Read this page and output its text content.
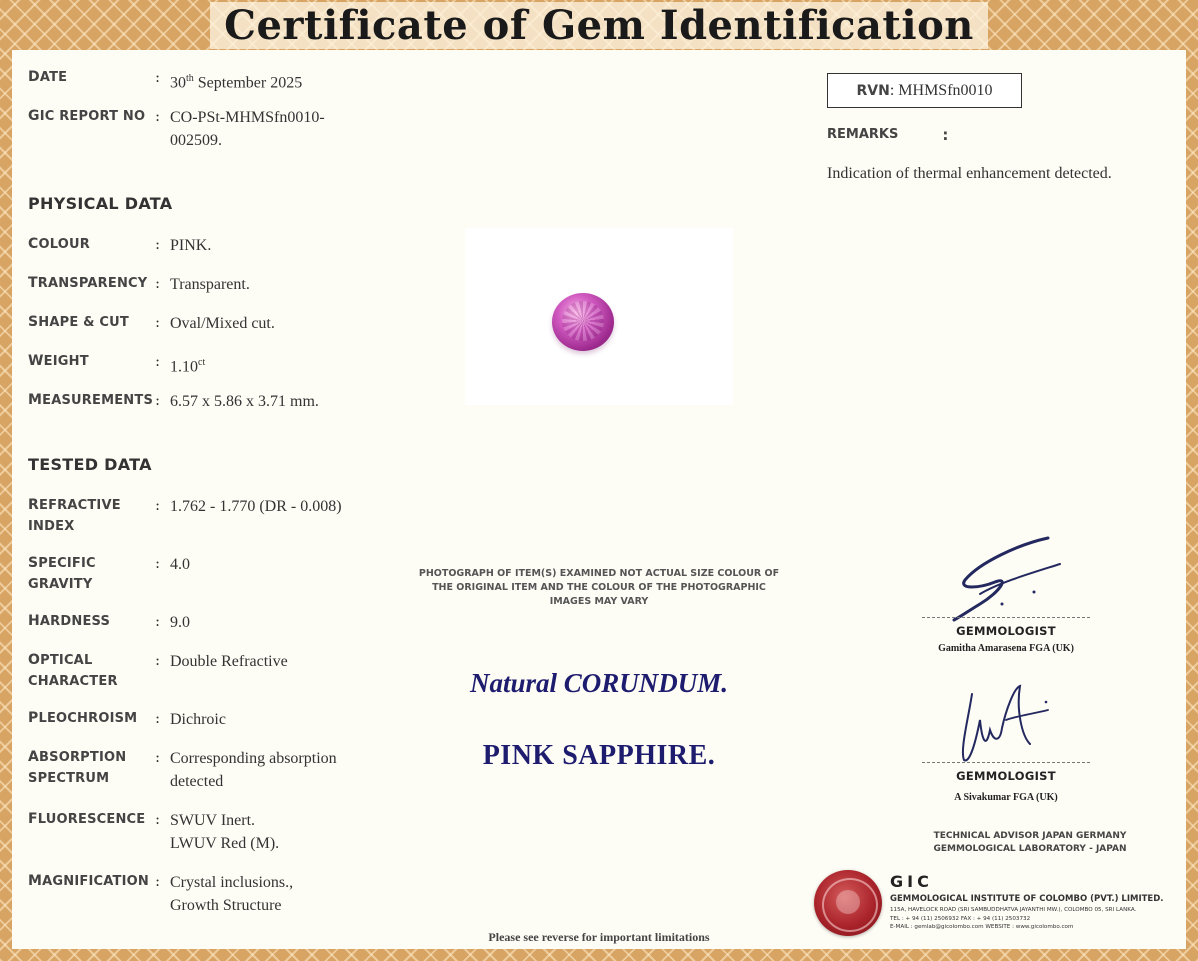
Certificate of Gem Identification
DATE	: 30th September 2025
GIC REPORT NO : CO-PSt-MHMSfn0010-
002509.
PHYSICAL DATA
COLOUR	: PINK.
TRANSPARENCY : Transparent.
SHAPE & CUT	: Oval/Mixed cut.
WEIGHT	: $1.10^{ct}$
MEASUREMENTS : 6.57 x 5.86 x 3.71 mm.
TESTED DATA
REFRACTIVE
INDEX
: 1.762 - 1.770 (DR - 0.008)
SPECIFIC
GRAVITY
: 4.0
HARDNESS	: 9.0
OPTICAL
CHARACTER
: Double Refractive
PLEOCHROISM	: Dichroic
ABSORPTION
SPECTRUM
: Corresponding absorption
detected
FLUORESCENCE : SWUV Inert.
LWUV Red (M).
MAGNIFICATION : Crystal inclusions.,
Growth Structure
PHOTOGRAPH OF ITEM(S) EXAMINED NOT ACTUAL SIZE COLOUR OF
THE ORIGINAL ITEM AND THE COLOUR OF THE PHOTOGRAPHIC
IMAGES MAY VARY
Natural CORUNDUM.
PINK SAPPHIRE.
Please see reverse for important limitations
RVN : MHMSfn0010
REMARKS	:
Indication of thermal enhancement detected.
GEMMOLOGIST
Gamitha Amarasena FGA (UK)
GEMMOLOGIST
A Sivakumar FGA (UK)
TECHNICAL ADVISOR JAPAN GERMANY
GEMMOLOGICAL LABORATORY - JAPAN
GIC
GEMMOLOGICAL INSTITUTE OF COLOMBO (PVT.) LIMITED.
115A, HAVELOCK ROAD (SRI SAMBUDDHATVA JAYANTHI MW.), COLOMBO 05, SRI LANKA.
TEL : + 94 (11) 2506932 FAX : + 94 (11) 2503732
E-MAIL : gemlab@gicolombo.com WEBSITE : www.gicolombo.com
